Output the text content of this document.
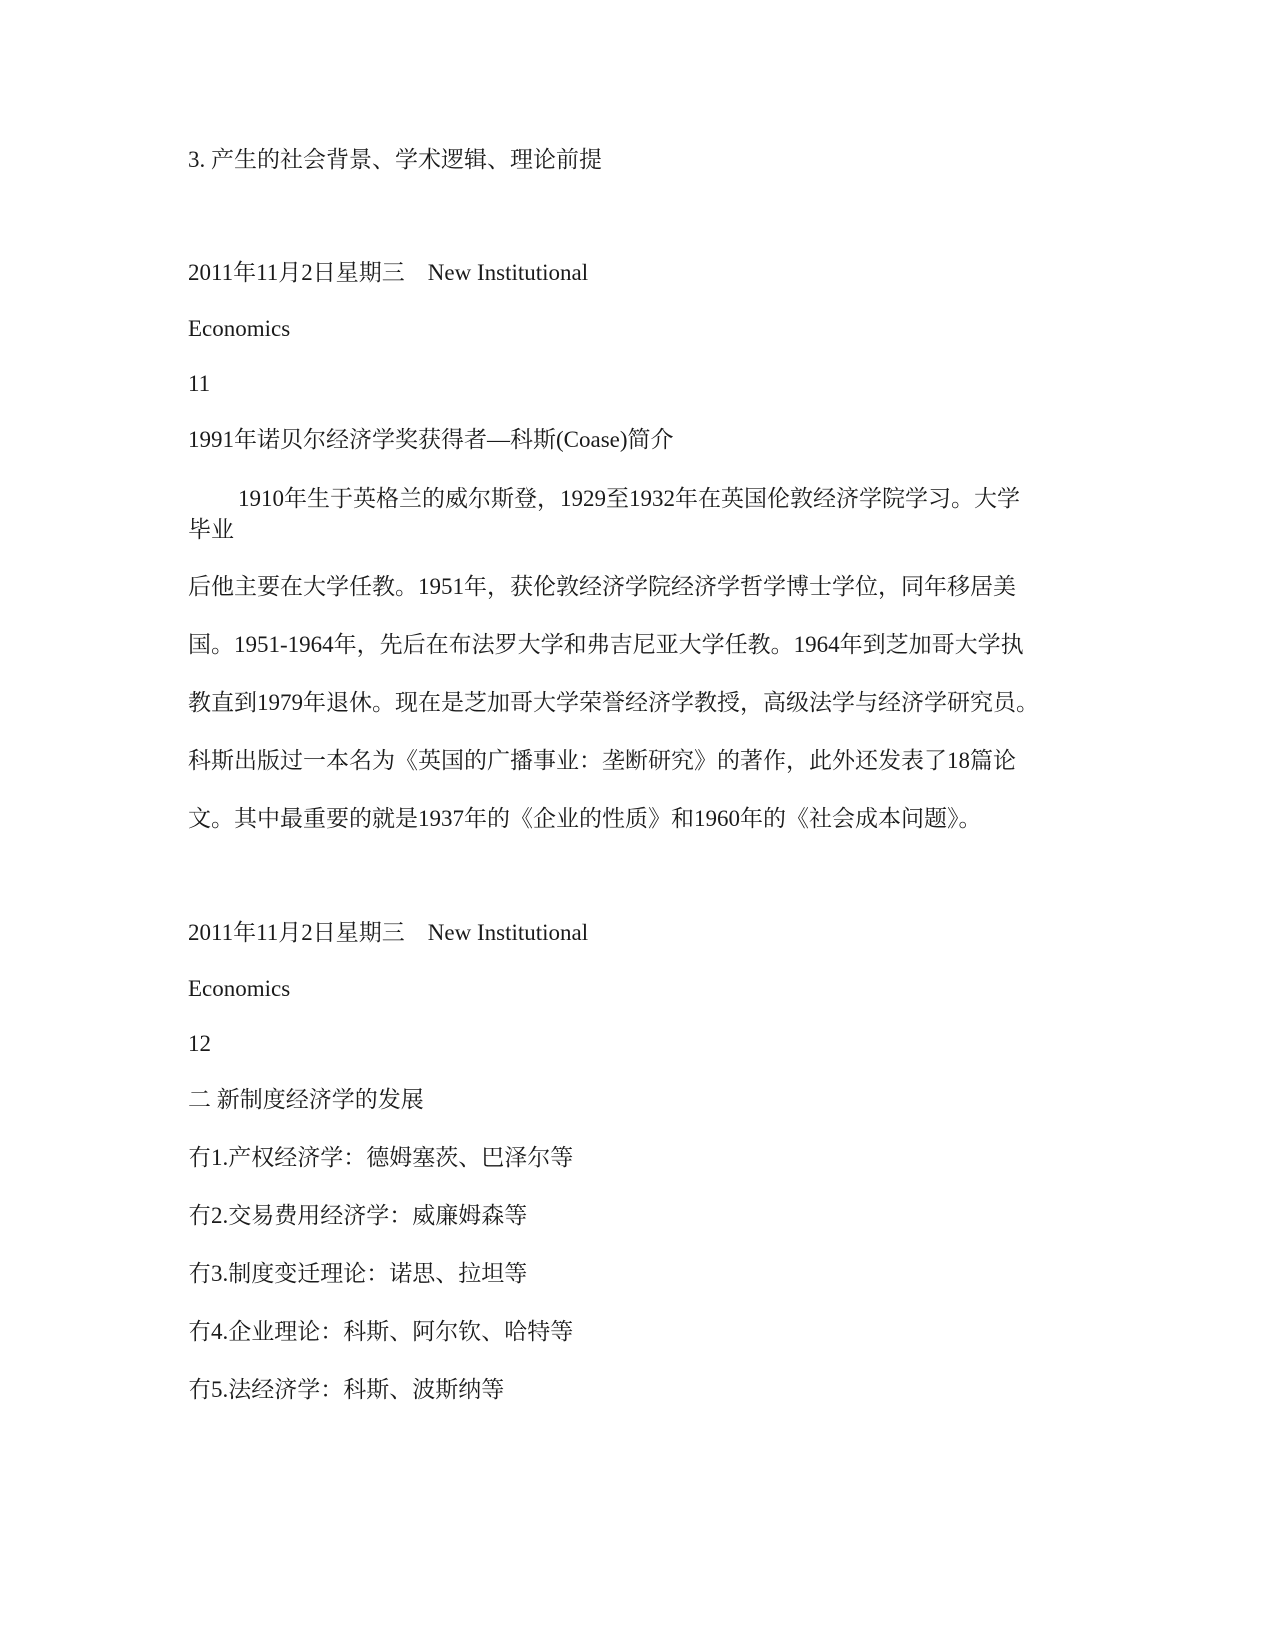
3. 产生的社会背景、学术逻辑、理论前提
2011年11月2日星期三　New Institutional
Economics
11
1991年诺贝尔经济学奖获得者—科斯(Coase)简介
1910年生于英格兰的威尔斯登，1929至1932年在英国伦敦经济学院学习。大学
毕业
后他主要在大学任教。1951年，获伦敦经济学院经济学哲学博士学位，同年移居美
国。1951-1964年，先后在布法罗大学和弗吉尼亚大学任教。1964年到芝加哥大学执
教直到1979年退休。现在是芝加哥大学荣誉经济学教授，高级法学与经济学研究员。
科斯出版过一本名为《英国的广播事业：垄断研究》的著作，此外还发表了18篇论
文。其中最重要的就是1937年的《企业的性质》和1960年的《社会成本问题》。
2011年11月2日星期三　New Institutional
Economics
12
二 新制度经济学的发展
冇1.产权经济学：德姆塞茨、巴泽尔等
冇2.交易费用经济学：威廉姆森等
冇3.制度变迁理论：诺思、拉坦等
冇4.企业理论：科斯、阿尔钦、哈特等
冇5.法经济学：科斯、波斯纳等
